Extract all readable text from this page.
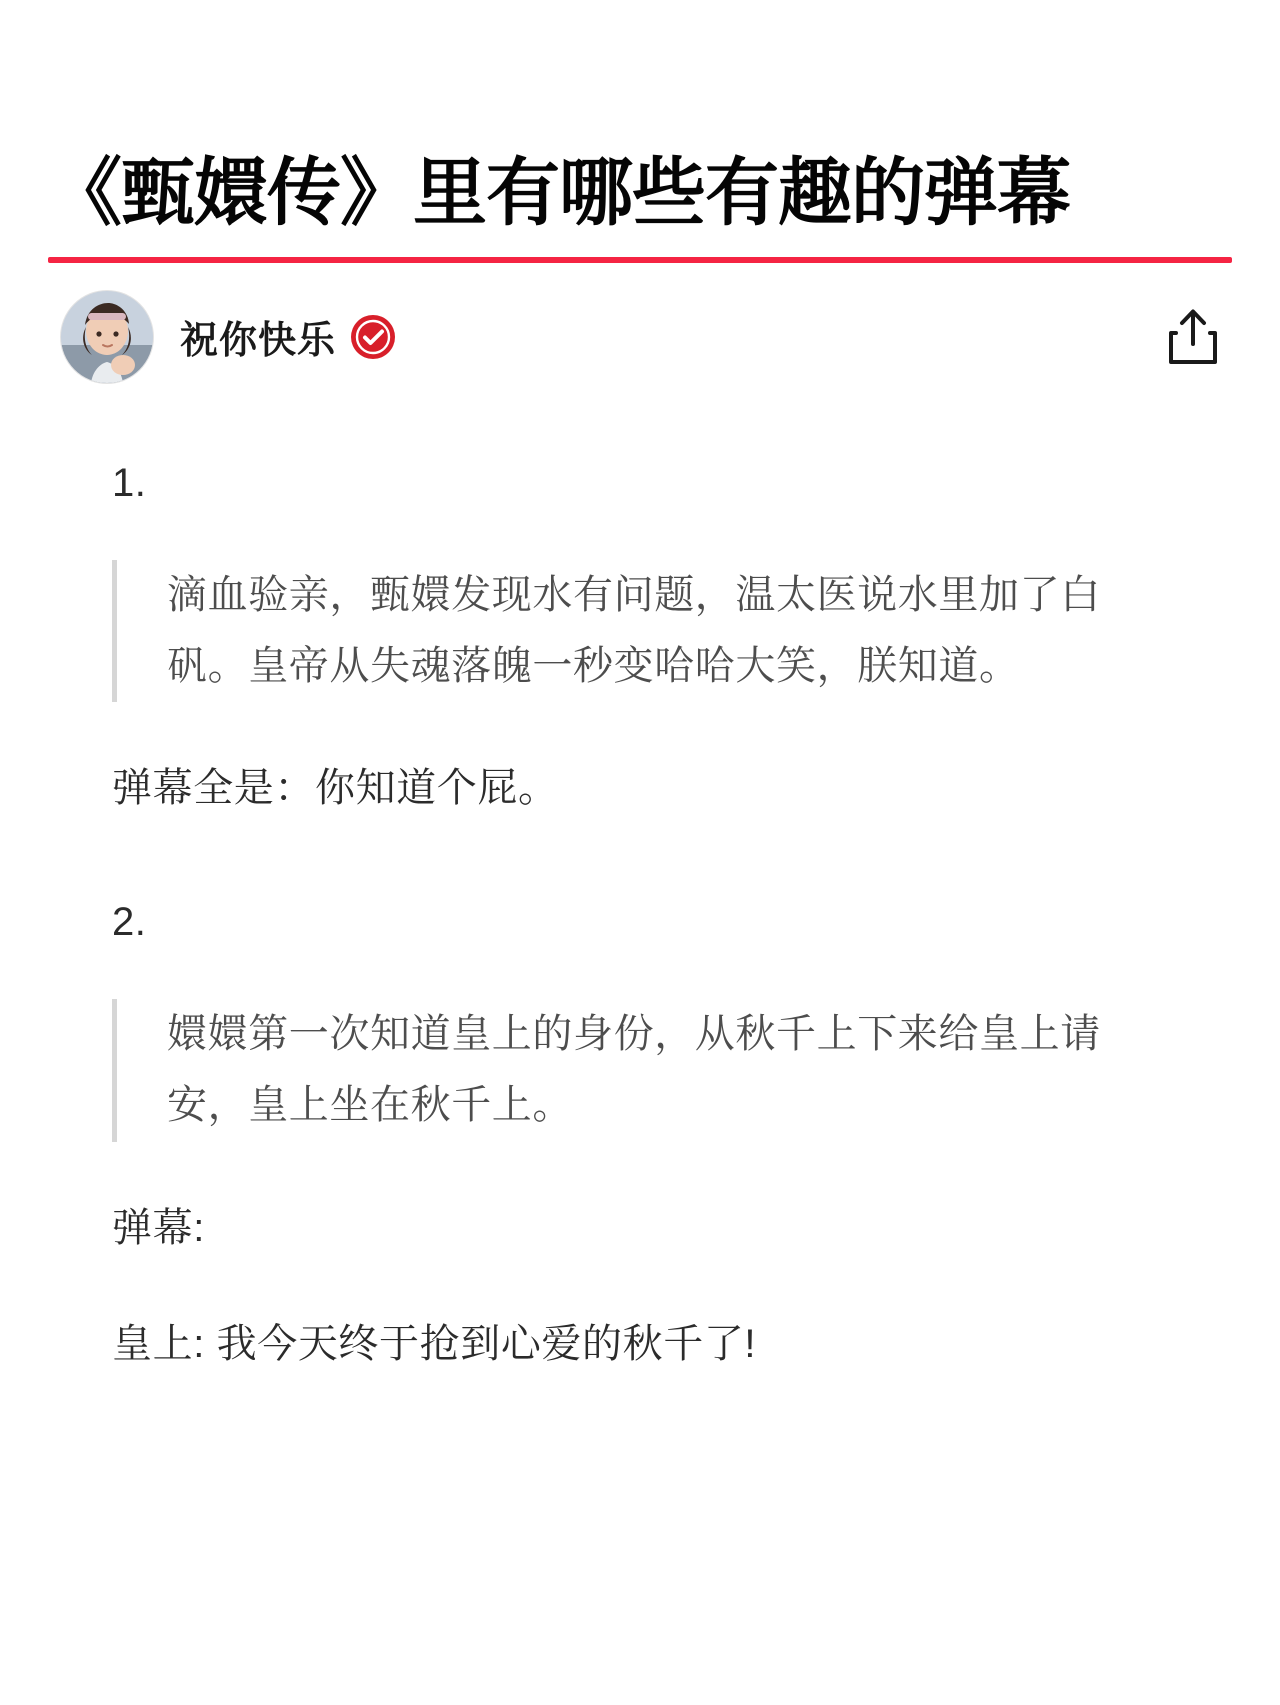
《甄嬛传》里有哪些有趣的弹幕
祝你快乐
1.
滴血验亲，甄嬛发现水有问题，温太医说水里加了白矾。皇帝从失魂落魄一秒变哈哈大笑，朕知道。
弹幕全是：你知道个屁。
2.
嬛嬛第一次知道皇上的身份，从秋千上下来给皇上请安，皇上坐在秋千上。
弹幕:
皇上: 我今天终于抢到心爱的秋千了!
